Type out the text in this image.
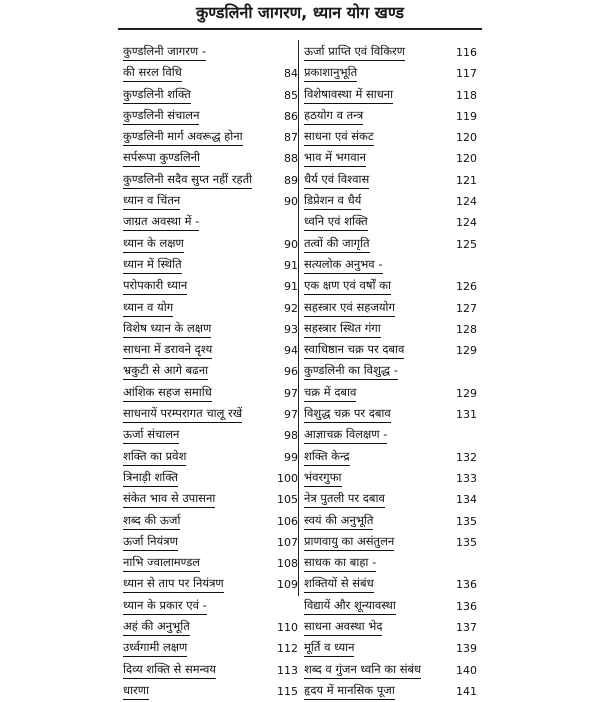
कुण्डलिनी जागरण, ध्यान योग खण्ड
कुण्डलिनी जागरण -
की सरल विधि	84
कुण्डलिनी शक्ति	85
कुण्डलिनी संचालन	86
कुण्डलिनी मार्ग अवरूद्ध होना	87
सर्परूपा कुण्डलिनी	88
कुण्डलिनी सदैव सुप्त नहीं रहती	89
ध्यान व चिंतन	90
जाग्रत अवस्था में -
ध्यान के लक्षण	90
ध्यान में स्थिति	91
परोपकारी ध्यान	91
ध्यान व योग	92
विशेष ध्यान के लक्षण	93
साधना में डरावने दृश्य	94
भ्रकुटी से आगे बढना	96
आंशिक सहज समाधि	97
साधनायें परम्परागत चालू रखें	97
ऊर्जा संचालन	98
शक्ति का प्रवेश	99
त्रिनाड़ी शक्ति	100
संकेत भाव से उपासना	105
शब्द की ऊर्जा	106
ऊर्जा नियंत्रण	107
नाभि ज्वालामण्डल	108
ध्यान से ताप पर नियंत्रण	109
ध्यान के प्रकार एवं -
अहं की अनुभूति	110
उर्ध्वगामी लक्षण	112
दिव्य शक्ति से समन्वय	113
धारणा	115
ऊर्जा प्राप्ति एवं विकिरण	116
प्रकाशानुभूति	117
विशेषावस्था में साधना	118
हठयोग व तन्त्र	119
साधना एवं संकट	120
भाव में भगवान	120
धैर्य एवं विश्वास	121
डिप्रेशन व धैर्य	124
ध्वनि एवं शक्ति	124
तत्वों की जागृति	125
सत्यलोक अनुभव -
एक क्षण एवं वर्षों का	126
सहस्त्रार एवं सहजयोग	127
सहस्त्रार स्थित गंगा	128
स्वाधिष्ठान चक्र पर दबाव	129
कुण्डलिनी का विशुद्ध -
चक्र में दबाव	129
विशुद्ध चक्र पर दबाव	131
आज्ञाचक्र विलक्षण -
शक्ति केन्द्र	132
भंवरगुफा	133
नेत्र पुतली पर दबाव	134
स्वयं की अनुभूति	135
प्राणवायु का असंतुलन	135
साधक का बाहा -
शक्तियों से संबंध	136
विद्यायें और शून्यावस्था	136
साधना अवस्था भेद	137
मूर्ति व ध्यान	139
शब्द व गुंजन ध्वनि का संबंध	140
हृदय में मानसिक पूजा	141
